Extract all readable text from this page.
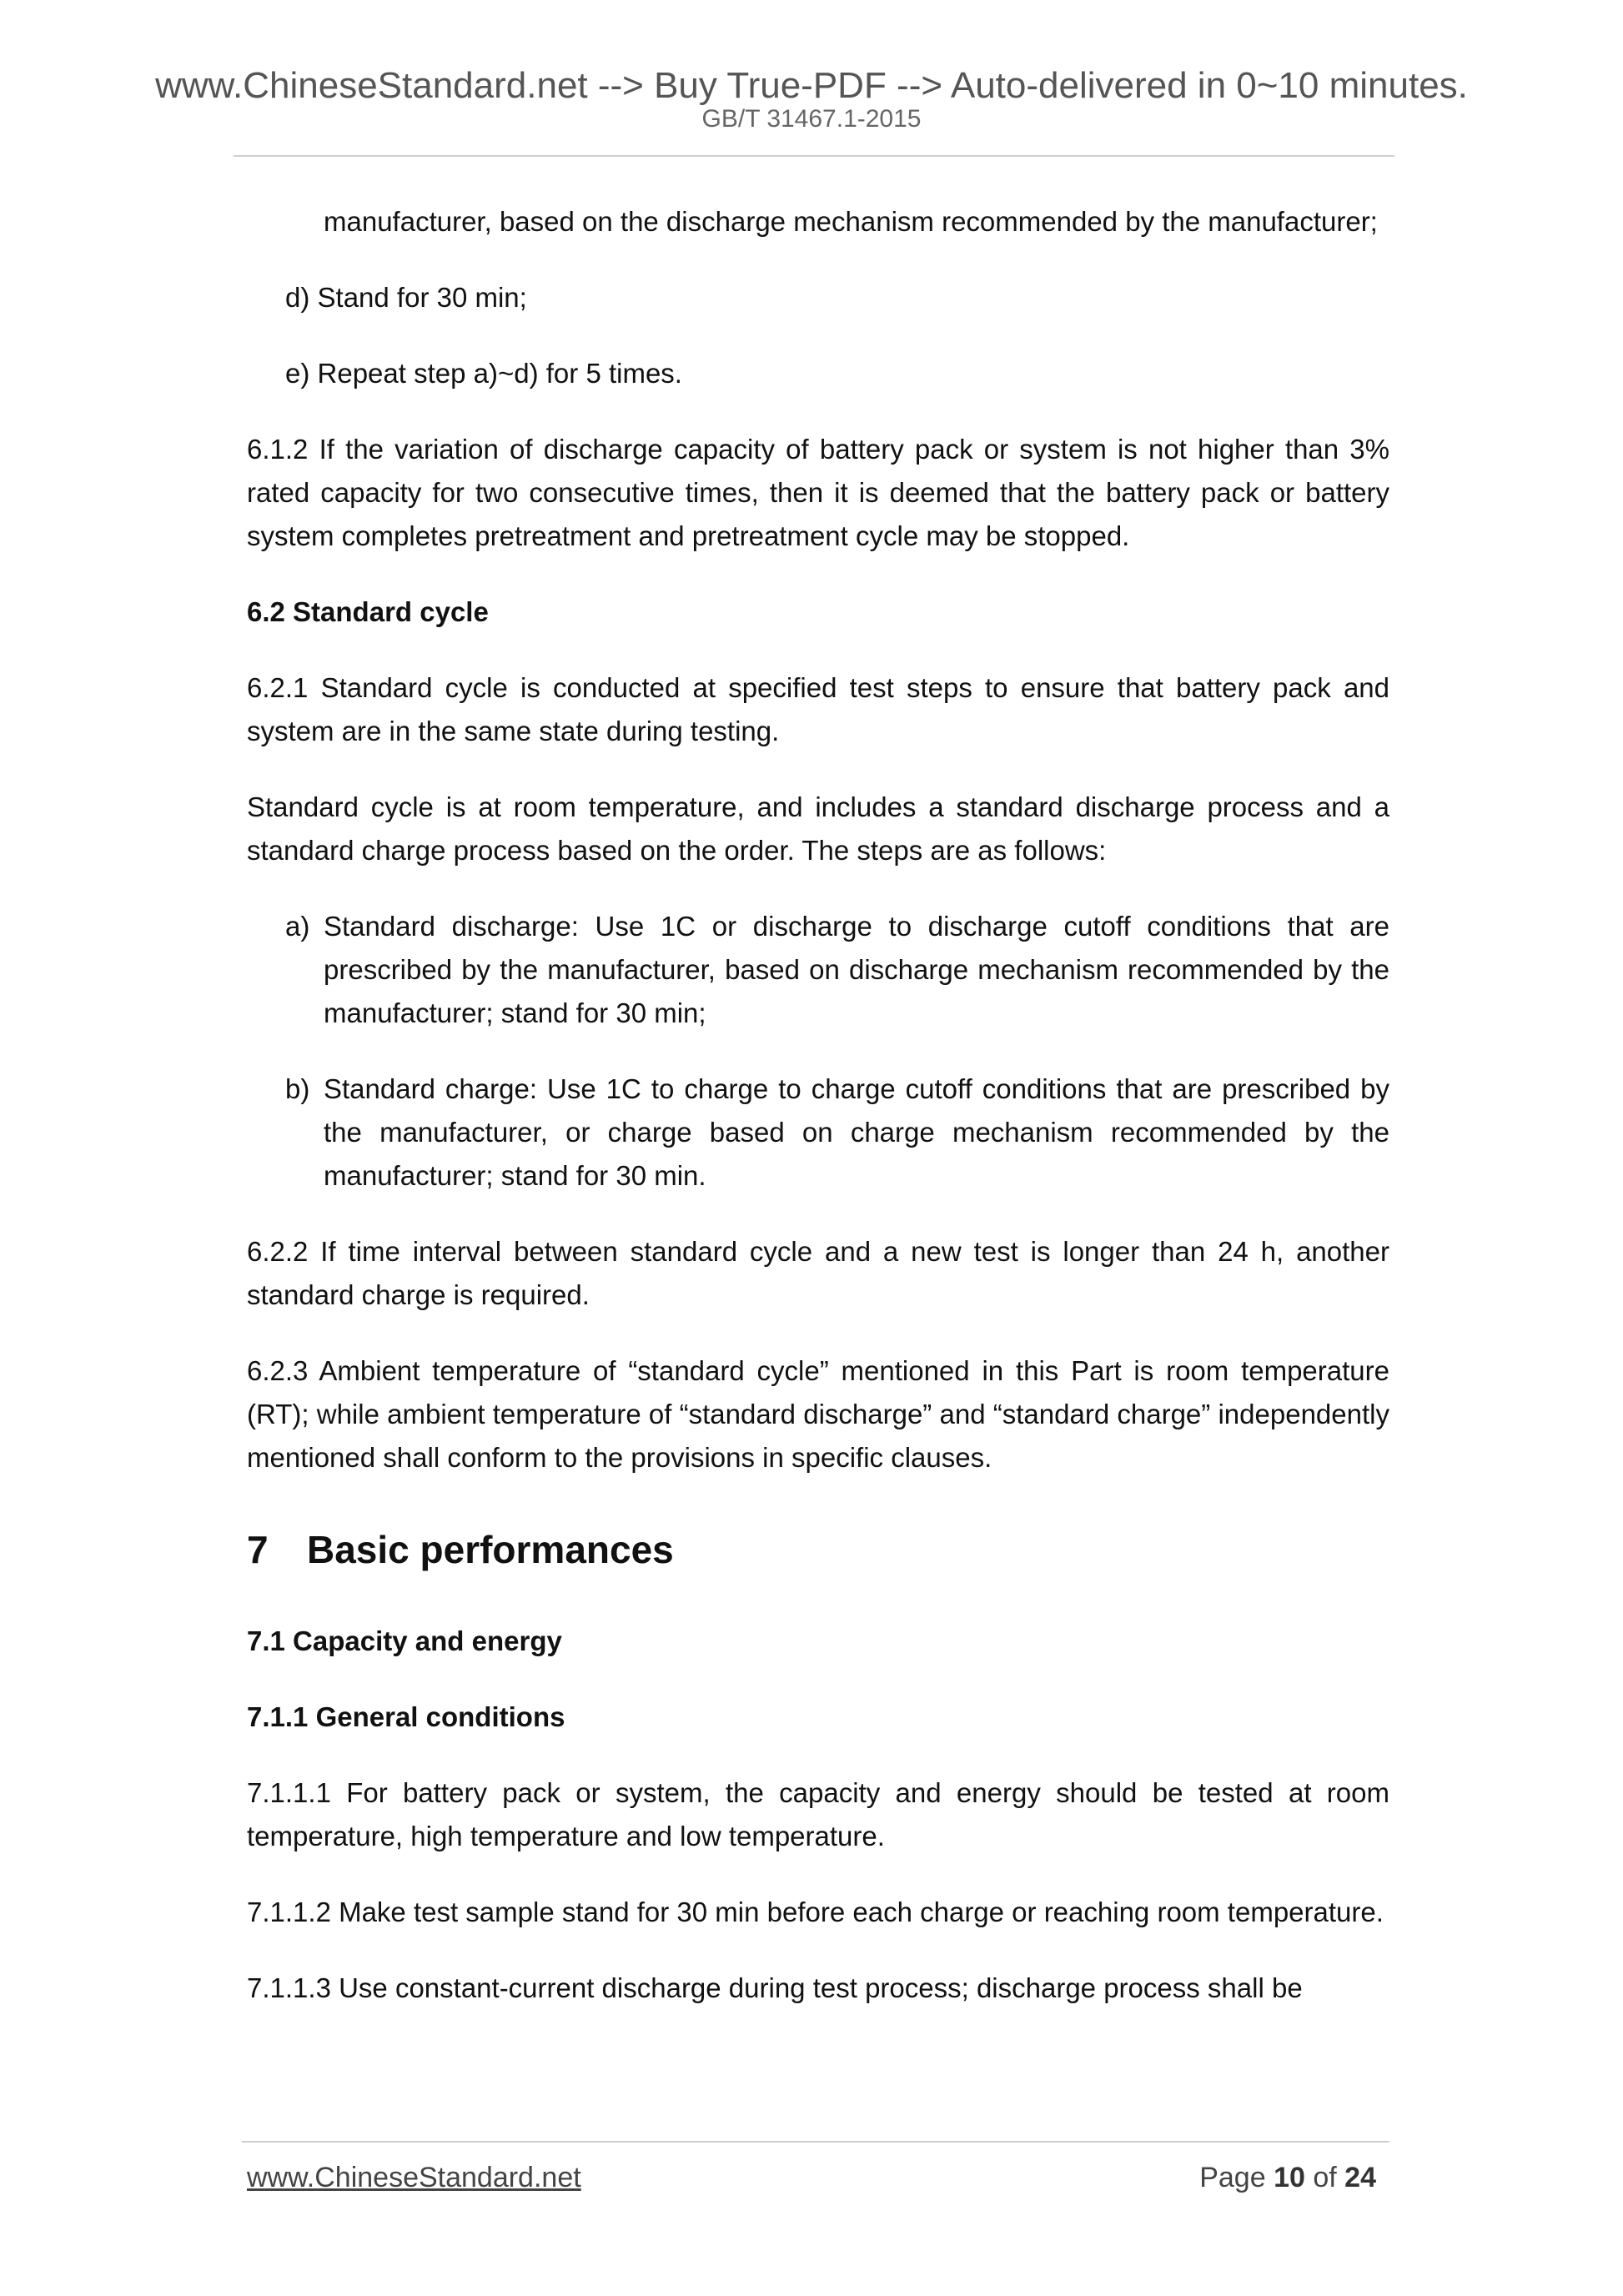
www.ChineseStandard.net --> Buy True-PDF --> Auto-delivered in 0~10 minutes.
GB/T 31467.1-2015

manufacturer, based on the discharge mechanism recommended by the manufacturer;

d) Stand for 30 min;

e) Repeat step a)~d) for 5 times.

6.1.2 If the variation of discharge capacity of battery pack or system is not higher than 3% rated capacity for two consecutive times, then it is deemed that the battery pack or battery system completes pretreatment and pretreatment cycle may be stopped.

6.2 Standard cycle

6.2.1 Standard cycle is conducted at specified test steps to ensure that battery pack and system are in the same state during testing.

Standard cycle is at room temperature, and includes a standard discharge process and a standard charge process based on the order. The steps are as follows:

a) Standard discharge: Use 1C or discharge to discharge cutoff conditions that are prescribed by the manufacturer, based on discharge mechanism recommended by the manufacturer; stand for 30 min;
b) Standard charge: Use 1C to charge to charge cutoff conditions that are prescribed by the manufacturer, or charge based on charge mechanism recommended by the manufacturer; stand for 30 min.

6.2.2 If time interval between standard cycle and a new test is longer than 24 h, another standard charge is required.

6.2.3 Ambient temperature of “standard cycle” mentioned in this Part is room temperature (RT); while ambient temperature of “standard discharge” and “standard charge” independently mentioned shall conform to the provisions in specific clauses.

7 Basic performances

7.1 Capacity and energy

7.1.1 General conditions

7.1.1.1 For battery pack or system, the capacity and energy should be tested at room temperature, high temperature and low temperature.

7.1.1.2 Make test sample stand for 30 min before each charge or reaching room temperature.

7.1.1.3 Use constant-current discharge during test process; discharge process shall be

www.ChineseStandard.net	Page 10 of 24
